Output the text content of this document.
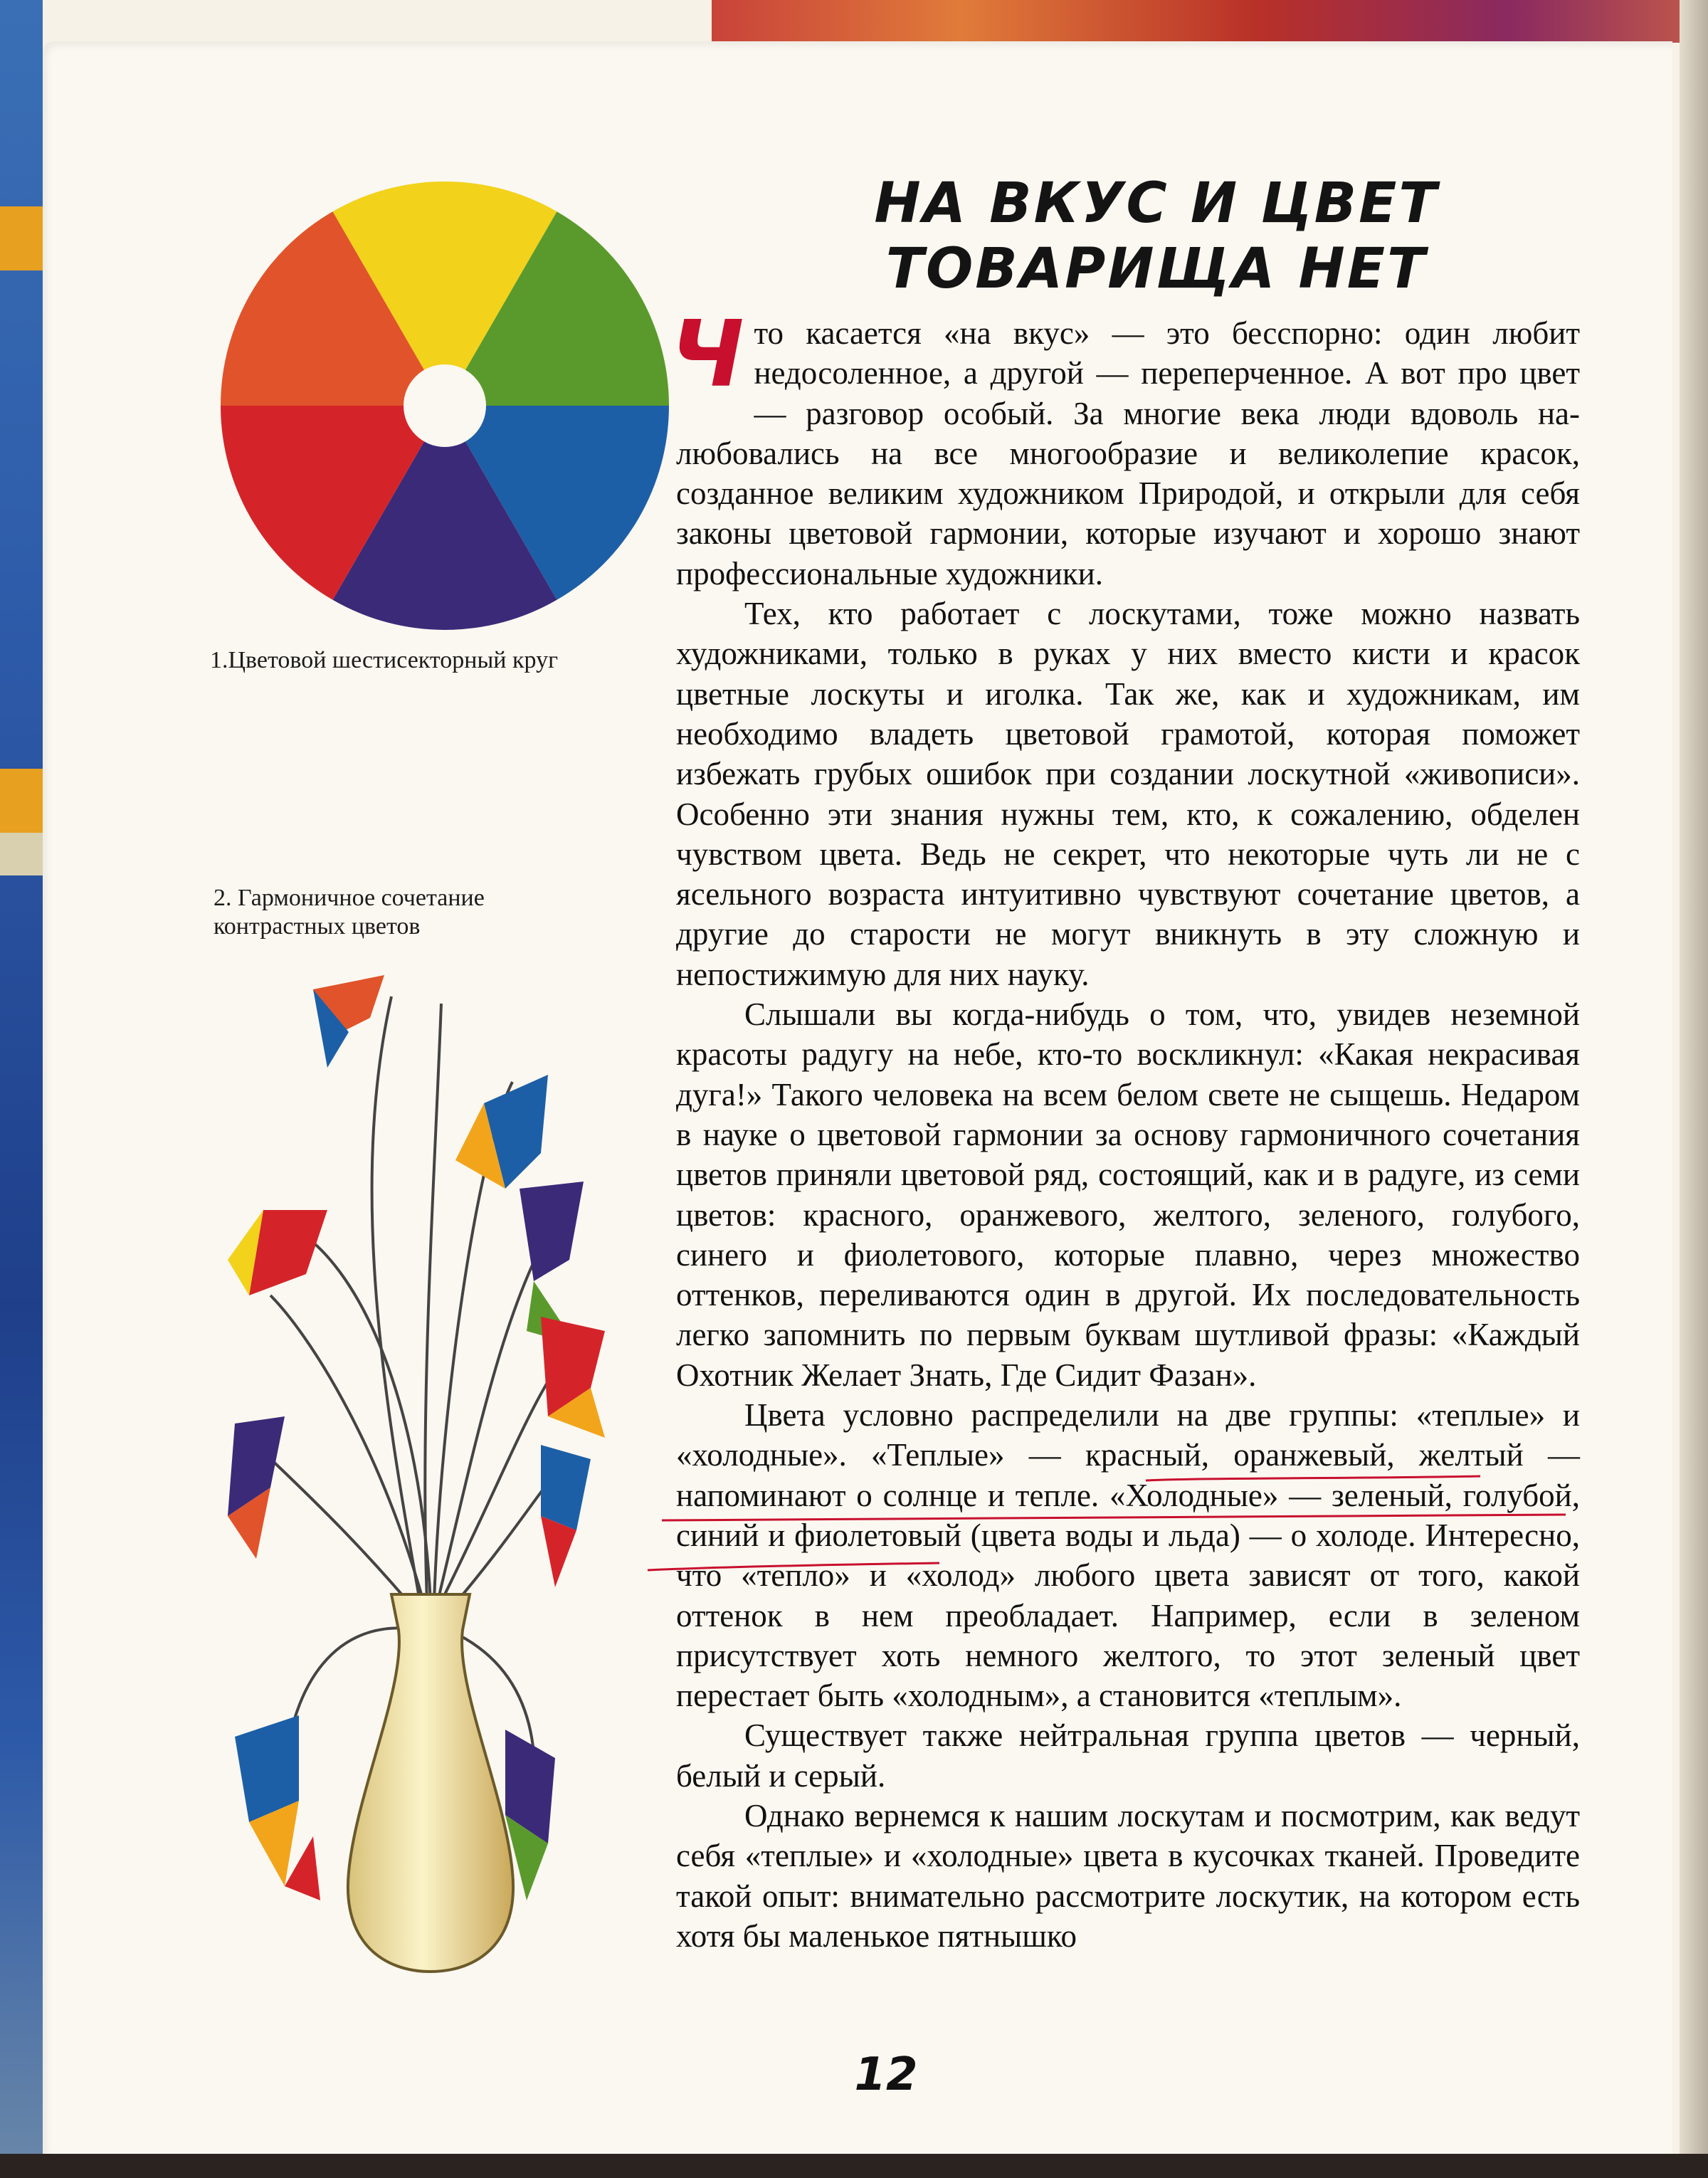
1.Цветовой шестисекторный круг
2. Гармоничное сочетание
контрастных цветов
НА ВКУС И ЦВЕТ
ТОВАРИЩА НЕТ

Что касается «на вкус» — это бесспорно: один любит недосоленное, а другой — переперченное. А вот про цвет — разговор особый. За многие века люди вдоволь налюбовались на все многообразие и великолепие красок, созданное великим художником Природой, и открыли для себя законы цветовой гармонии, которые изучают и хорошо знают профессиональные художники.

Тех, кто работает с лоскутами, тоже можно назвать художниками, только в руках у них вместо кисти и красок цветные лоскуты и иголка. Так же, как и художникам, им необходимо владеть цветовой грамотой, которая поможет избежать грубых ошибок при создании лоскутной «живописи». Особенно эти знания нужны тем, кто, к сожалению, обделен чувством цвета. Ведь не секрет, что некоторые чуть ли не с ясельного возраста интуитивно чувствуют сочетание цветов, а другие до старости не могут вникнуть в эту сложную и непостижимую для них науку.

Слышали вы когда-нибудь о том, что, увидев неземной красоты радугу на небе, кто-то воскликнул: «Какая некрасивая дуга!» Такого человека на всем белом свете не сыщешь. Недаром в науке о цветовой гармонии за основу гармоничного сочетания цветов приняли цветовой ряд, состоящий, как и в радуге, из семи цветов: красного, оранжевого, желтого, зеленого, голубого, синего и фиолетового, которые плавно, через множество оттенков, переливаются один в другой. Их последовательность легко запомнить по первым буквам шутливой фразы: «Каждый Охотник Желает Знать, Где Сидит Фазан».

Цвета условно распределили на две группы: «теплые» и «холодные». «Теплые» — красный, оранжевый, желтый — напоминают о солнце и тепле. «Холодные» — зеленый, голубой, синий и фиолетовый (цвета воды и льда) — о холоде. Интересно, что «тепло» и «холод» любого цвета зависят от того, какой оттенок в нем преобладает. Например, если в зеленом присутствует хоть немного желтого, то этот зеленый цвет перестает быть «холодным», а становится «теплым».

Существует также нейтральная группа цветов — черный, белый и серый.

Однако вернемся к нашим лоскутам и посмотрим, как ведут себя «теплые» и «холодные» цвета в кусочках тканей. Проведите такой опыт: внимательно рассмотрите лоскутик, на котором есть хотя бы маленькое пятнышко

12
